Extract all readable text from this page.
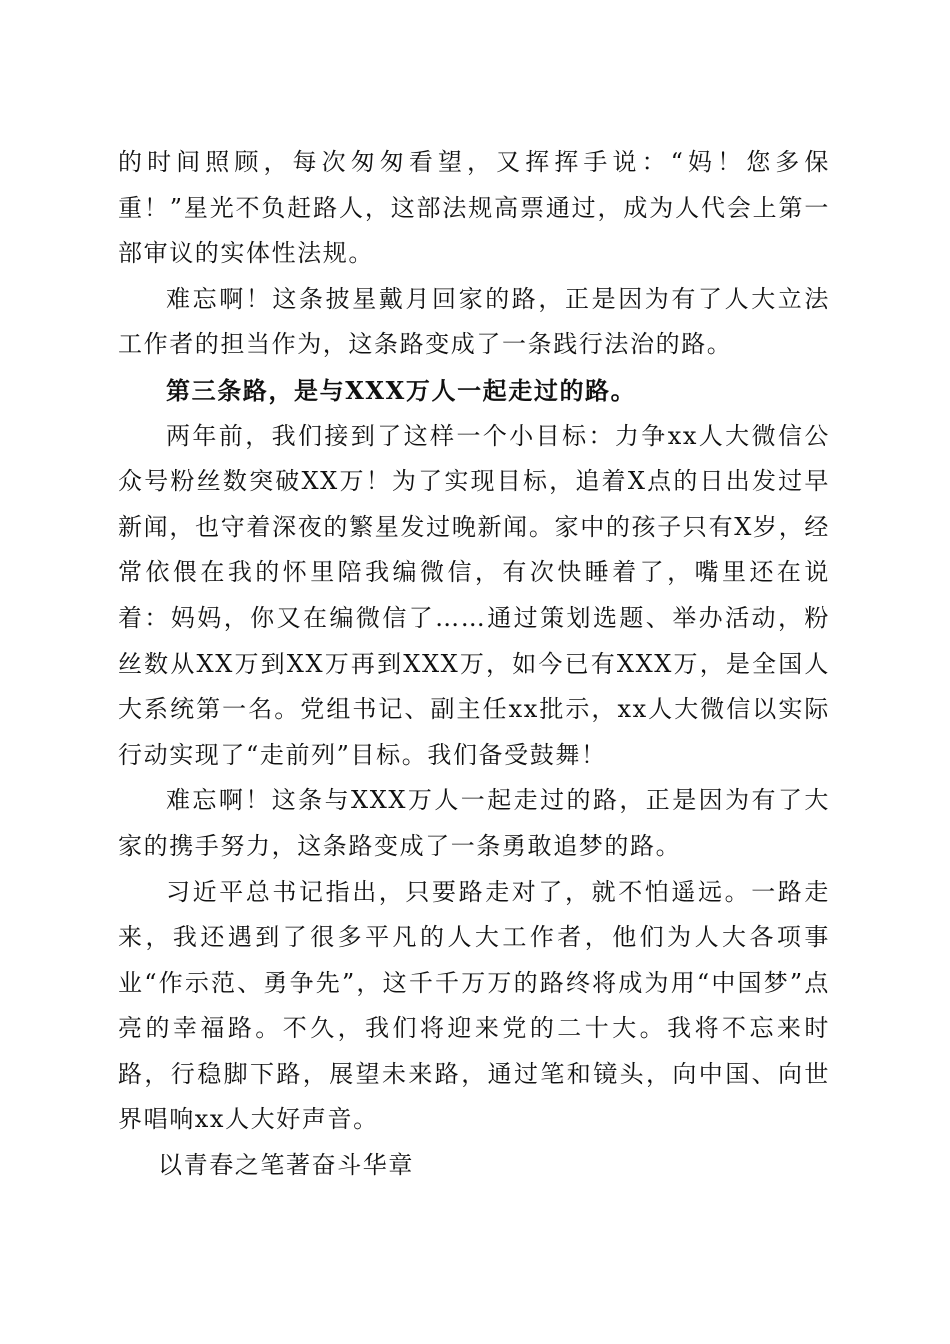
的时间照顾，每次匆匆看望，又挥挥手说：“妈！您多保重！”星光不负赶路人，这部法规高票通过，成为人代会上第一部审议的实体性法规。

难忘啊！这条披星戴月回家的路，正是因为有了人大立法工作者的担当作为，这条路变成了一条践行法治的路。

第三条路，是与XXX万人一起走过的路。

两年前，我们接到了这样一个小目标：力争xx人大微信公众号粉丝数突破XX万！为了实现目标，追着X点的日出发过早新闻，也守着深夜的繁星发过晚新闻。家中的孩子只有X岁，经常依偎在我的怀里陪我编微信，有次快睡着了，嘴里还在说着：妈妈，你又在编微信了……通过策划选题、举办活动，粉丝数从XX万到XX万再到XXX万，如今已有XXX万，是全国人大系统第一名。党组书记、副主任xx批示，xx人大微信以实际行动实现了“走前列”目标。我们备受鼓舞！

难忘啊！这条与XXX万人一起走过的路，正是因为有了大家的携手努力，这条路变成了一条勇敢追梦的路。

习近平总书记指出，只要路走对了，就不怕遥远。一路走来，我还遇到了很多平凡的人大工作者，他们为人大各项事业“作示范、勇争先”，这千千万万的路终将成为用“中国梦”点亮的幸福路。不久，我们将迎来党的二十大。我将不忘来时路，行稳脚下路，展望未来路，通过笔和镜头，向中国、向世界唱响xx人大好声音。

以青春之笔著奋斗华章
